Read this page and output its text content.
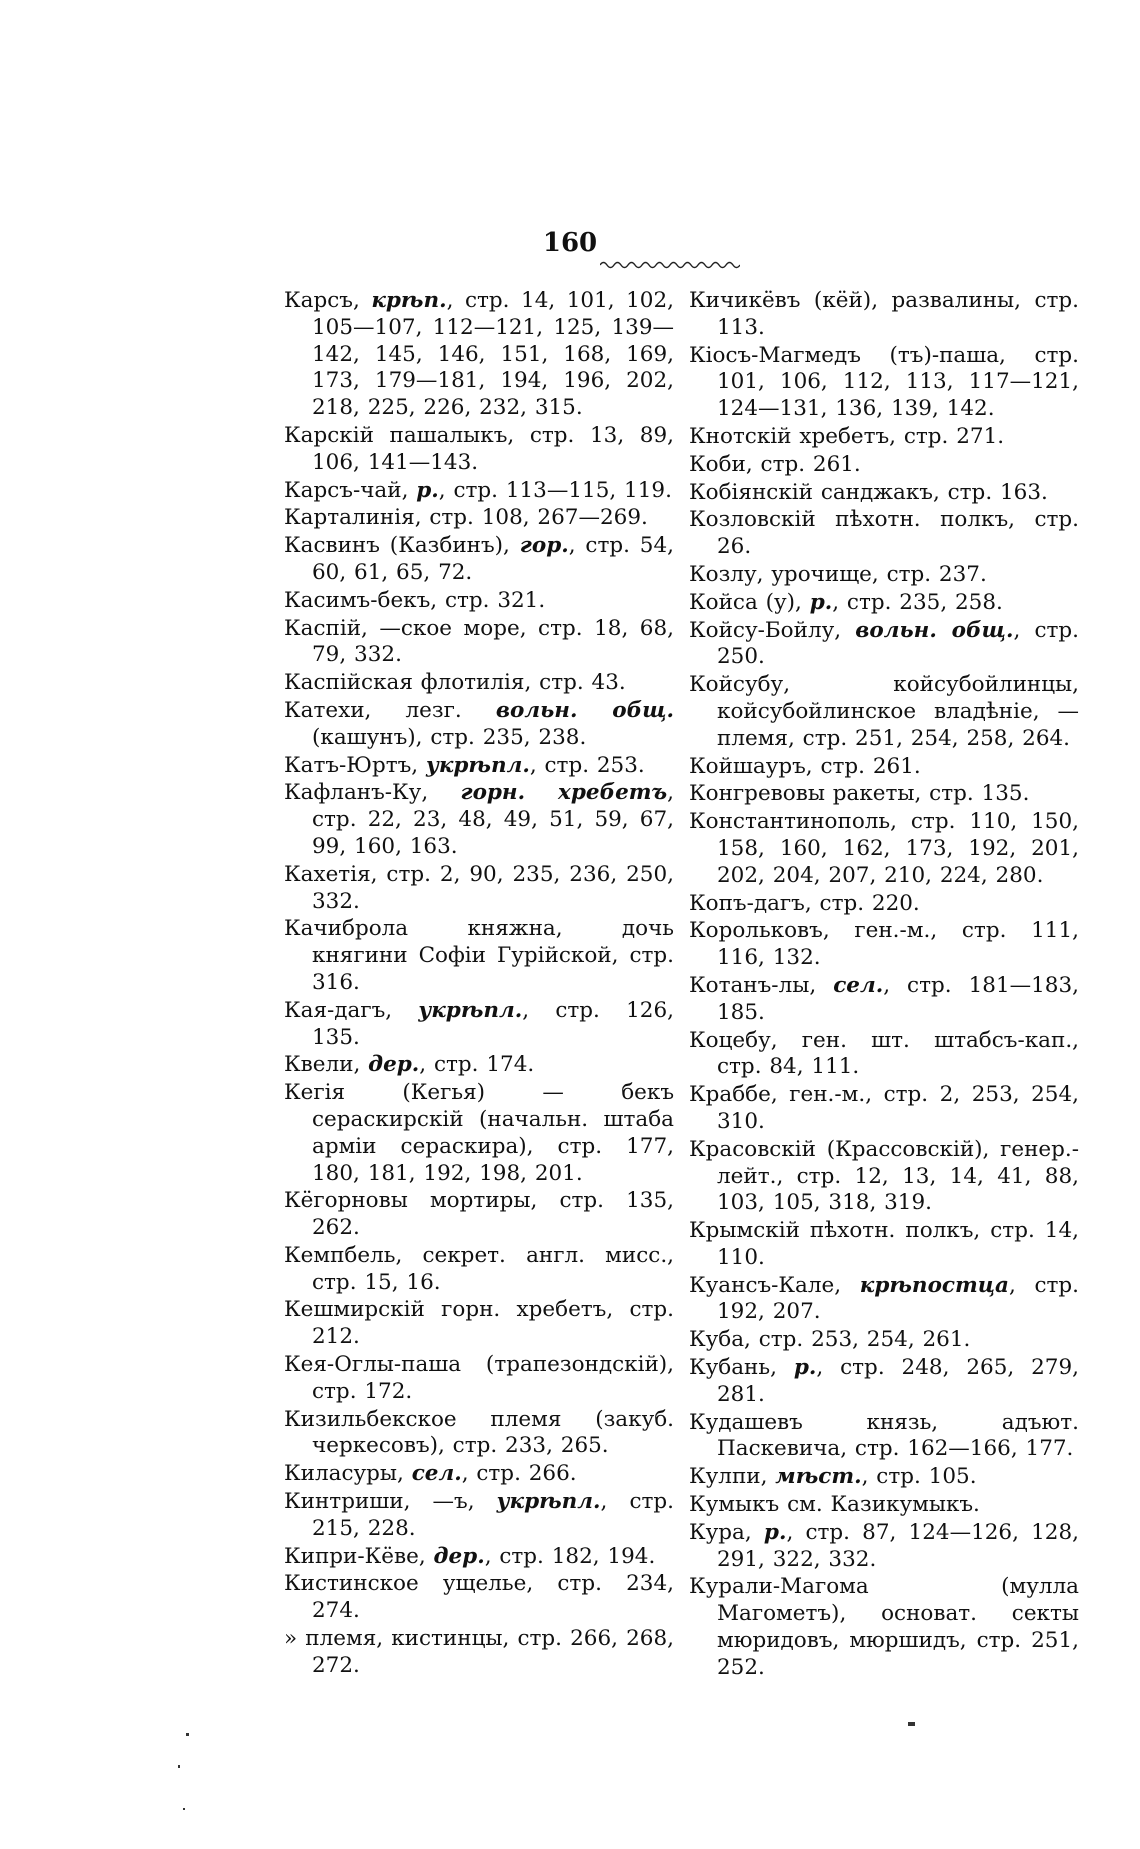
160

Карсъ, крѣп., стр. 14, 101, 102, 105—107, 112—121, 125, 139—142, 145, 146, 151, 168, 169, 173, 179—181, 194, 196, 202, 218, 225, 226, 232, 315.

Карскій пашалыкъ, стр. 13, 89, 106, 141—143.

Карсъ-чай, р., стр. 113—115, 119.

Карталинія, стр. 108, 267—269.

Касвинъ (Казбинъ), гор., стр. 54, 60, 61, 65, 72.

Касимъ-бекъ, стр. 321.

Каспій, —ское море, стр. 18, 68, 79, 332.

Каспійская флотилія, стр. 43.

Катехи, лезг. вольн. общ. (кашунъ), стр. 235, 238.

Катъ-Юртъ, укрѣпл., стр. 253.

Кафланъ-Ку, горн. хребетъ, стр. 22, 23, 48, 49, 51, 59, 67, 99, 160, 163.

Кахетія, стр. 2, 90, 235, 236, 250, 332.

Качиброла княжна, дочь княгини Софіи Гурійской, стр. 316.

Кая-дагъ, укрѣпл., стр. 126, 135.

Квели, дер., стр. 174.

Кегія (Кегья) — бекъ сераскирскій (начальн. штаба арміи сераскира), стр. 177, 180, 181, 192, 198, 201.

Кёгорновы мортиры, стр. 135, 262.

Кемпбель, секрет. англ. мисс., стр. 15, 16.

Кешмирскій горн. хребетъ, стр. 212.

Кея-Оглы-паша (трапезондскій), стр. 172.

Кизильбекское племя (закуб. черкесовъ), стр. 233, 265.

Киласуры, сел., стр. 266.

Кинтриши, —ъ, укрѣпл., стр. 215, 228.

Кипри-Кёве, дер., стр. 182, 194.

Кистинское ущелье, стр. 234, 274.

» племя, кистинцы, стр. 266, 268, 272.

Кичикёвъ (кёй), развалины, стр. 113.

Кіосъ-Магмедъ (тъ)-паша, стр. 101, 106, 112, 113, 117—121, 124—131, 136, 139, 142.

Кнотскій хребетъ, стр. 271.

Коби, стр. 261.

Кобіянскій санджакъ, стр. 163.

Козловскій пѣхотн. полкъ, стр. 26.

Козлу, урочище, стр. 237.

Койса (у), р., стр. 235, 258.

Койсу-Бойлу, вольн. общ., стр. 250.

Койсубу, койсубойлинцы, койсубойлинское владѣніе, — племя, стр. 251, 254, 258, 264.

Койшауръ, стр. 261.

Конгревовы ракеты, стр. 135.

Константинополь, стр. 110, 150, 158, 160, 162, 173, 192, 201, 202, 204, 207, 210, 224, 280.

Копъ-дагъ, стр. 220.

Корольковъ, ген.-м., стр. 111, 116, 132.

Котанъ-лы, сел., стр. 181—183, 185.

Коцебу, ген. шт. штабсъ-кап., стр. 84, 111.

Краббе, ген.-м., стр. 2, 253, 254, 310.

Красовскій (Крассовскій), генер.-лейт., стр. 12, 13, 14, 41, 88, 103, 105, 318, 319.

Крымскій пѣхотн. полкъ, стр. 14, 110.

Куансъ-Кале, крѣпостца, стр. 192, 207.

Куба, стр. 253, 254, 261.

Кубань, р., стр. 248, 265, 279, 281.

Кудашевъ князь, адъют. Паскевича, стр. 162—166, 177.

Кулпи, мѣст., стр. 105.

Кумыкъ см. Казикумыкъ.

Кура, р., стр. 87, 124—126, 128, 291, 322, 332.

Курали-Магома (мулла Магометъ), основат. секты мюридовъ, мюршидъ, стр. 251, 252.
